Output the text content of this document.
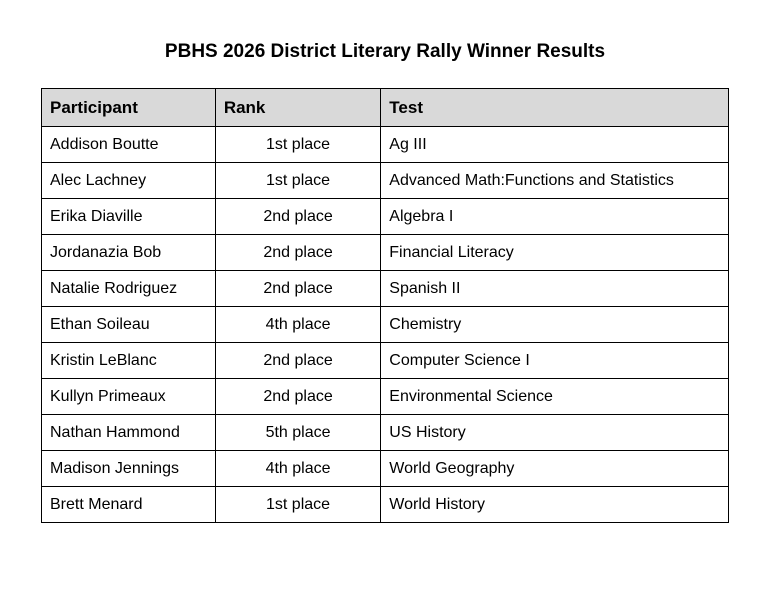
PBHS 2026 District Literary Rally Winner Results
Participant	Rank	Test
Addison Boutte	1st place	Ag III
Alec Lachney	1st place	Advanced Math:Functions and Statistics
Erika Diaville	2nd place	Algebra I
Jordanazia Bob	2nd place	Financial Literacy
Natalie Rodriguez	2nd place	Spanish II
Ethan Soileau	4th place	Chemistry
Kristin LeBlanc	2nd place	Computer Science I
Kullyn Primeaux	2nd place	Environmental Science
Nathan Hammond	5th place	US History
Madison Jennings	4th place	World Geography
Brett Menard	1st place	World History
